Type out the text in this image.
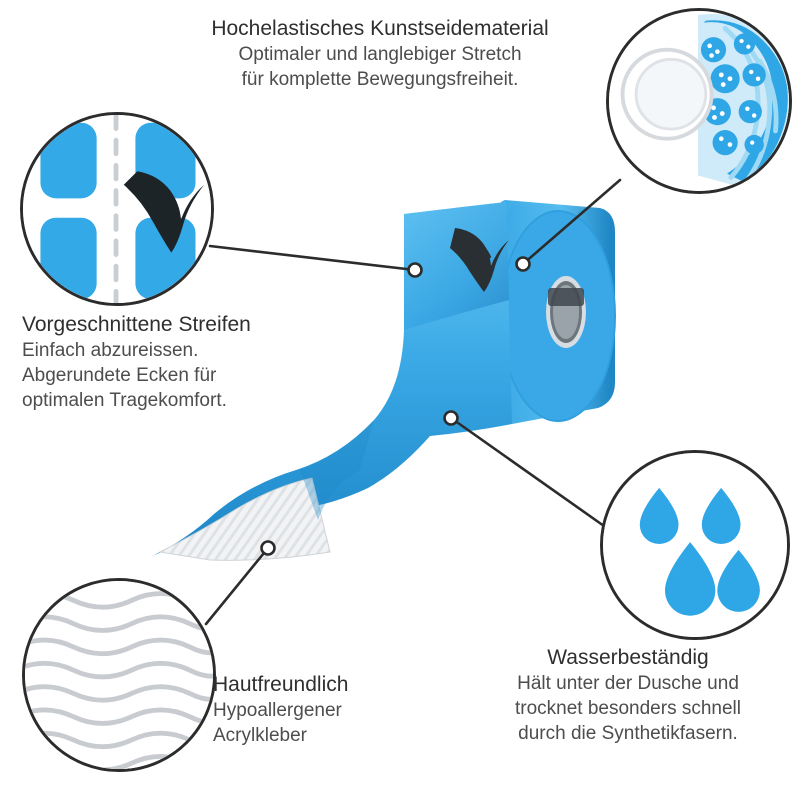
Hochelastisches Kunstseidematerial
Optimaler und langlebiger Stretch
für komplette Bewegungsfreiheit.
Vorgeschnittene Streifen
Einfach abzureissen.
Abgerundete Ecken für
optimalen Tragekomfort.
Hautfreundlich
Hypoallergener
Acrylkleber
Wasserbeständig
Hält unter der Dusche und
trocknet besonders schnell
durch die Synthetikfasern.
